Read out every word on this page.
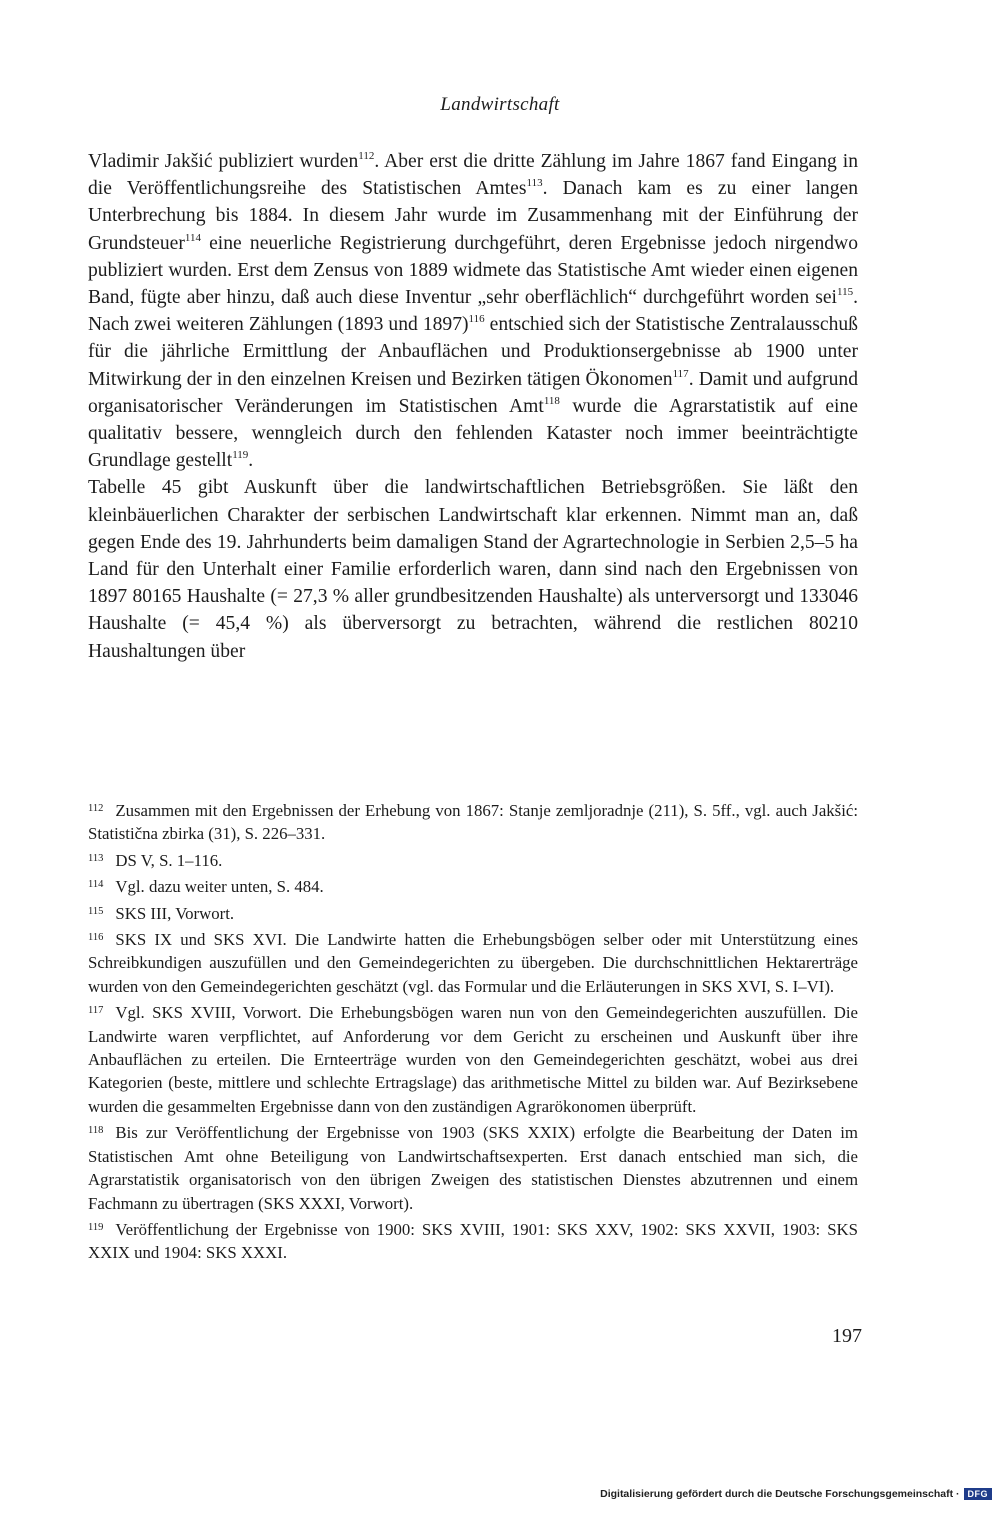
Landwirtschaft

Vladimir Jakšić publiziert wurden$^{112}$. Aber erst die dritte Zählung im Jahre 1867 fand Eingang in die Veröffentlichungsreihe des Statistischen Amtes$^{113}$. Danach kam es zu einer langen Unterbrechung bis 1884. In diesem Jahr wurde im Zusammenhang mit der Einführung der Grundsteuer$^{114}$ eine neuerliche Registrierung durchgeführt, deren Ergebnisse jedoch nirgendwo publiziert wurden. Erst dem Zensus von 1889 widmete das Statistische Amt wieder einen eigenen Band, fügte aber hinzu, daß auch diese Inventur „sehr oberflächlich“ durchgeführt worden sei$^{115}$. Nach zwei weiteren Zählungen (1893 und 1897)$^{116}$ entschied sich der Statistische Zentralausschuß für die jährliche Ermittlung der Anbauflächen und Produktionsergebnisse ab 1900 unter Mitwirkung der in den einzelnen Kreisen und Bezirken tätigen Ökonomen$^{117}$. Damit und aufgrund organisatorischer Veränderungen im Statistischen Amt$^{118}$ wurde die Agrarstatistik auf eine qualitativ bessere, wenngleich durch den fehlenden Kataster noch immer beeinträchtigte Grundlage gestellt$^{119}$.

Tabelle 45 gibt Auskunft über die landwirtschaftlichen Betriebsgrößen. Sie läßt den kleinbäuerlichen Charakter der serbischen Landwirtschaft klar erkennen. Nimmt man an, daß gegen Ende des 19. Jahrhunderts beim damaligen Stand der Agrartechnologie in Serbien 2,5–5 ha Land für den Unterhalt einer Familie erforderlich waren, dann sind nach den Ergebnissen von 1897 80165 Haushalte (= 27,3 % aller grundbesitzenden Haushalte) als unterversorgt und 133046 Haushalte (= 45,4 %) als überversorgt zu betrachten, während die restlichen 80210 Haushaltungen über

$^{112}$ Zusammen mit den Ergebnissen der Erhebung von 1867: Stanje zemljoradnje (211), S. 5ff., vgl. auch Jakšić: Statistična zbirka (31), S. 226–331.

$^{113}$ DS V, S. 1–116.

$^{114}$ Vgl. dazu weiter unten, S. 484.

$^{115}$ SKS III, Vorwort.

$^{116}$ SKS IX und SKS XVI. Die Landwirte hatten die Erhebungsbögen selber oder mit Unterstützung eines Schreibkundigen auszufüllen und den Gemeindegerichten zu übergeben. Die durchschnittlichen Hektarerträge wurden von den Gemeindegerichten geschätzt (vgl. das Formular und die Erläuterungen in SKS XVI, S. I–VI).

$^{117}$ Vgl. SKS XVIII, Vorwort. Die Erhebungsbögen waren nun von den Gemeindegerichten auszufüllen. Die Landwirte waren verpflichtet, auf Anforderung vor dem Gericht zu erscheinen und Auskunft über ihre Anbauflächen zu erteilen. Die Ernteerträge wurden von den Gemeindegerichten geschätzt, wobei aus drei Kategorien (beste, mittlere und schlechte Ertragslage) das arithmetische Mittel zu bilden war. Auf Bezirksebene wurden die gesammelten Ergebnisse dann von den zuständigen Agrarökonomen überprüft.

$^{118}$ Bis zur Veröffentlichung der Ergebnisse von 1903 (SKS XXIX) erfolgte die Bearbeitung der Daten im Statistischen Amt ohne Beteiligung von Landwirtschaftsexperten. Erst danach entschied man sich, die Agrarstatistik organisatorisch von den übrigen Zweigen des statistischen Dienstes abzutrennen und einem Fachmann zu übertragen (SKS XXXI, Vorwort).

$^{119}$ Veröffentlichung der Ergebnisse von 1900: SKS XVIII, 1901: SKS XXV, 1902: SKS XXVII, 1903: SKS XXIX und 1904: SKS XXXI.

197
Digitalisierung gefördert durch die Deutsche Forschungsgemeinschaft · DFG
